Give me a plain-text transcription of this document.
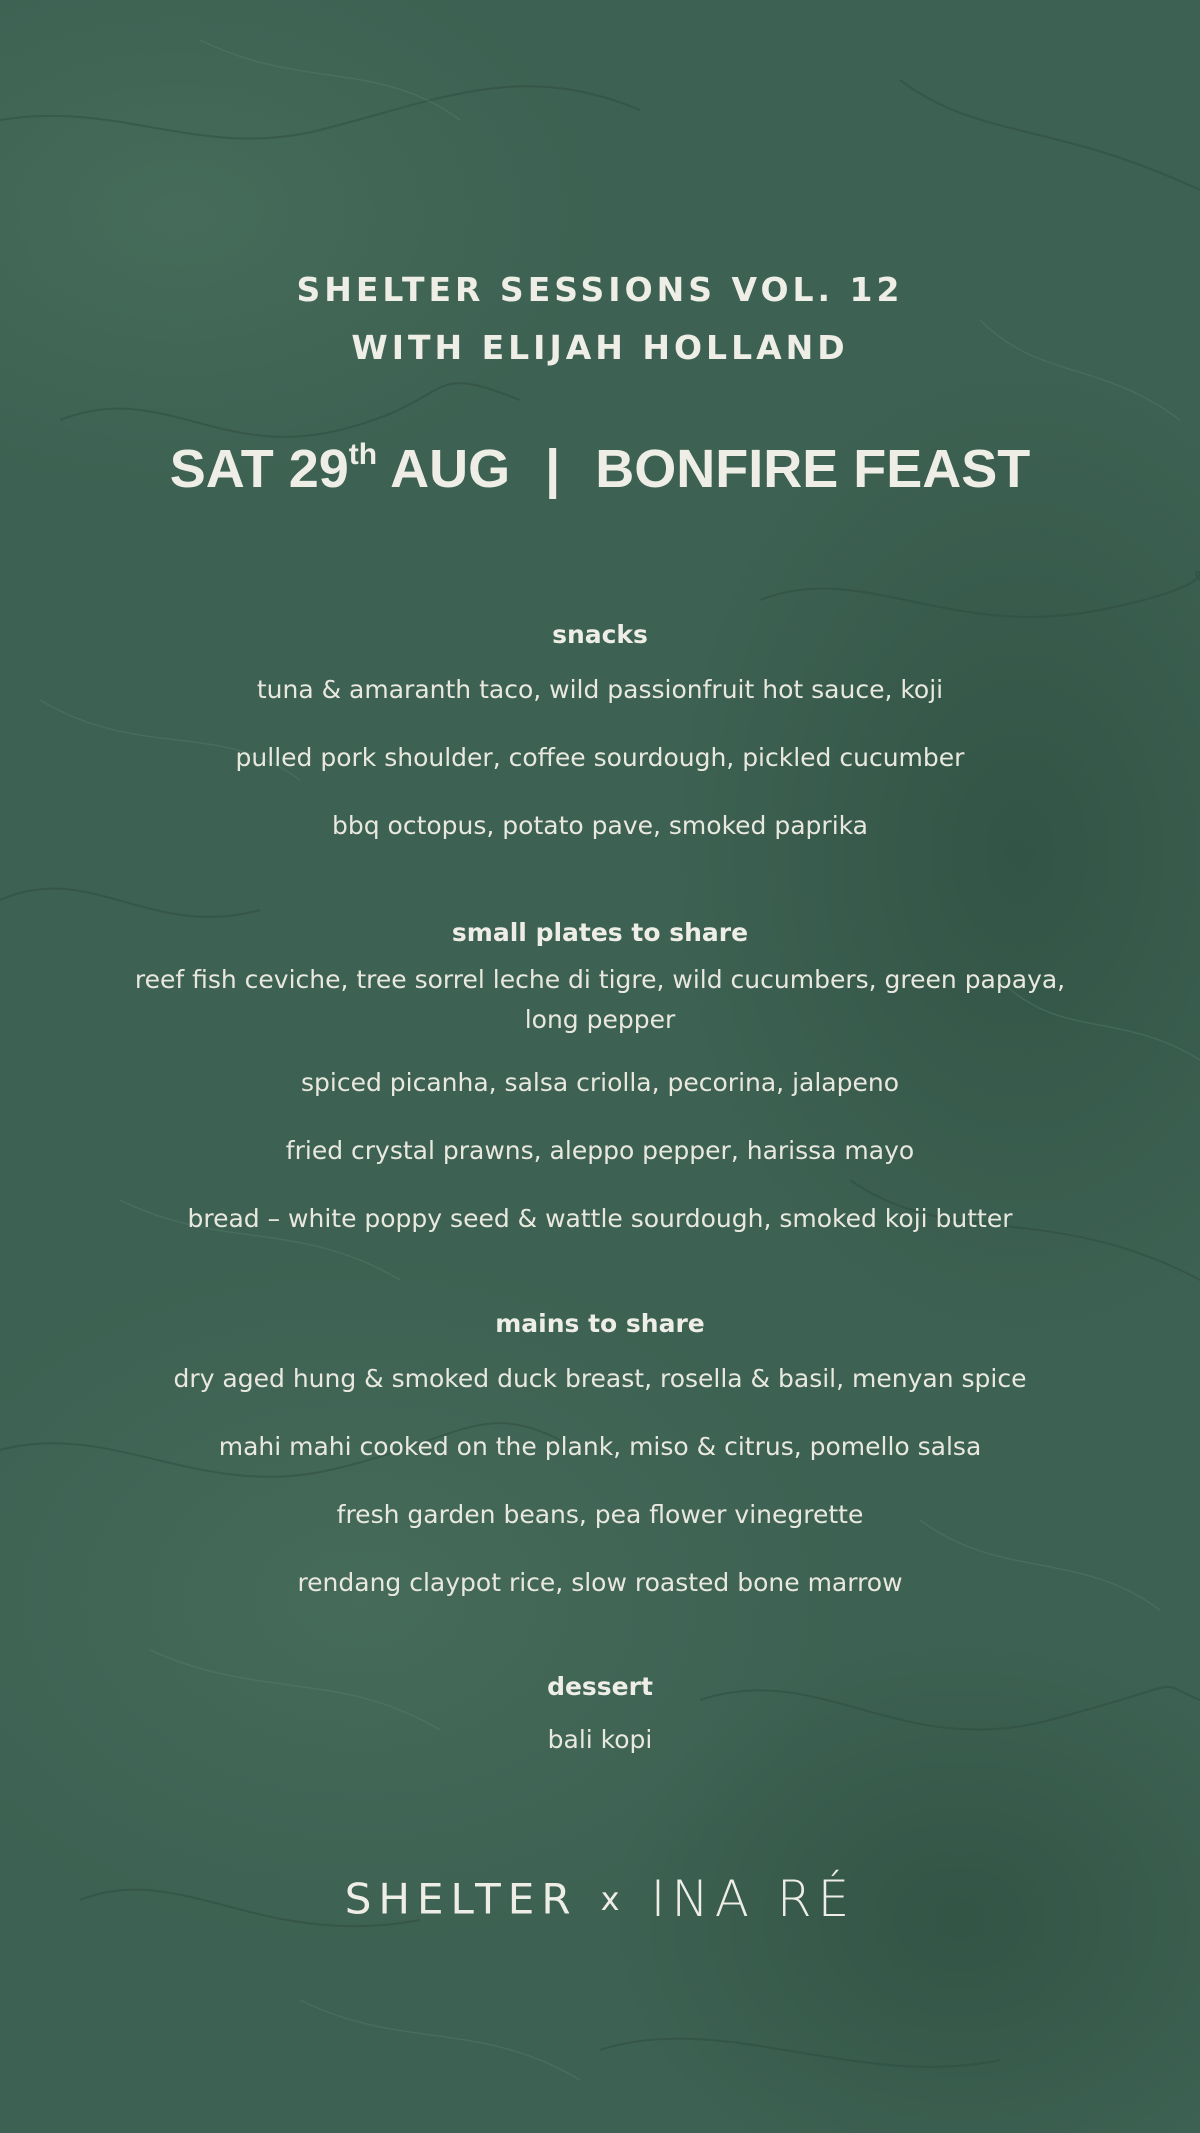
SHELTER SESSIONS VOL. 12
WITH ELIJAH HOLLAND
SAT 29th AUG | BONFIRE FEAST
snacks
tuna & amaranth taco, wild passionfruit hot sauce, koji
pulled pork shoulder, coffee sourdough, pickled cucumber
bbq octopus, potato pave, smoked paprika
small plates to share
reef fish ceviche, tree sorrel leche di tigre, wild cucumbers, green papaya, long pepper
spiced picanha, salsa criolla, pecorina, jalapeno
fried crystal prawns, aleppo pepper, harissa mayo
bread – white poppy seed & wattle sourdough, smoked koji butter
mains to share
dry aged hung & smoked duck breast, rosella & basil, menyan spice
mahi mahi cooked on the plank, miso & citrus, pomello salsa
fresh garden beans, pea flower vinegrette
rendang claypot rice, slow roasted bone marrow
dessert
bali kopi
SHELTER x INA RÉ
